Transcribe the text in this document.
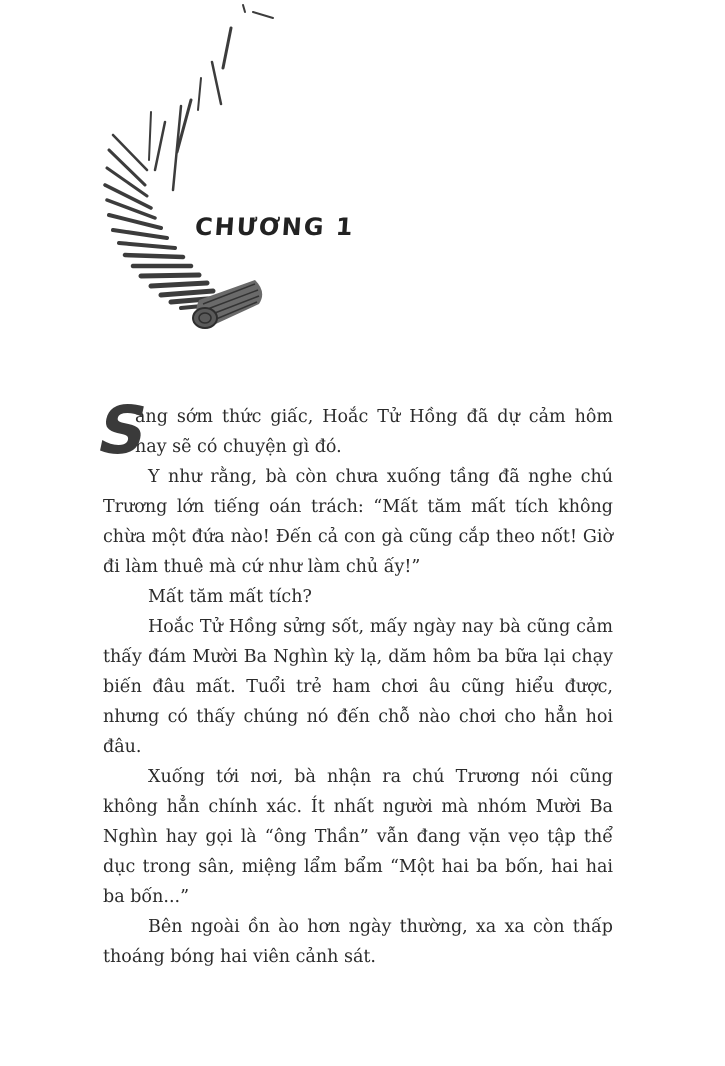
CHƯƠNG 1

S
áng sớm thức giấc, Hoắc Tử Hồng đã dự cảm hôm nay sẽ có chuyện gì đó.

Y như rằng, bà còn chưa xuống tầng đã nghe chú Trương lớn tiếng oán trách: “Mất tăm mất tích không chừa một đứa nào! Đến cả con gà cũng cắp theo nốt! Giờ đi làm thuê mà cứ như làm chủ ấy!”

Mất tăm mất tích?

Hoắc Tử Hồng sửng sốt, mấy ngày nay bà cũng cảm thấy đám Mười Ba Nghìn kỳ lạ, dăm hôm ba bữa lại chạy biến đâu mất. Tuổi trẻ ham chơi âu cũng hiểu được, nhưng có thấy chúng nó đến chỗ nào chơi cho hẳn hoi đâu.

Xuống tới nơi, bà nhận ra chú Trương nói cũng không hẳn chính xác. Ít nhất người mà nhóm Mười Ba Nghìn hay gọi là “ông Thần” vẫn đang vặn vẹo tập thể dục trong sân, miệng lẩm bẩm “Một hai ba bốn, hai hai ba bốn...”

Bên ngoài ồn ào hơn ngày thường, xa xa còn thấp thoáng bóng hai viên cảnh sát.
